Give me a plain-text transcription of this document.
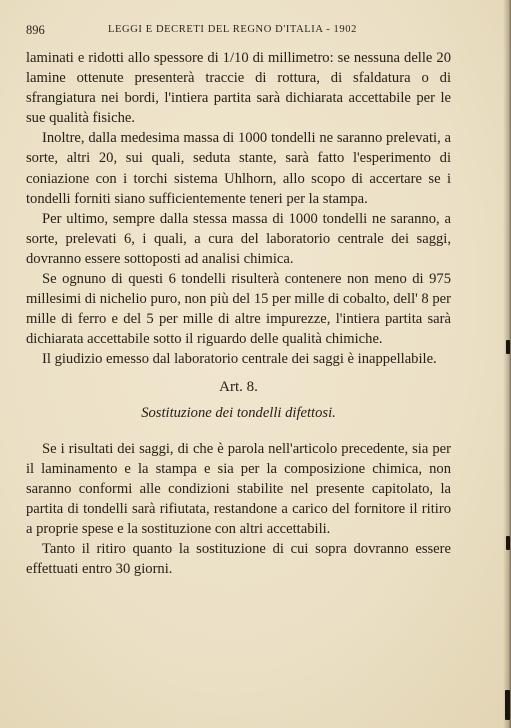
896	LEGGI E DECRETI DEL REGNO D'ITALIA - 1902

laminati e ridotti allo spessore di 1/10 di millimetro: se nessuna delle 20 lamine ottenute presenterà traccie di rottura, di sfaldatura o di sfrangiatura nei bordi, l'intiera partita sarà dichiarata accettabile per le sue qualità fisiche.

Inoltre, dalla medesima massa di 1000 tondelli ne saranno prelevati, a sorte, altri 20, sui quali, seduta stante, sarà fatto l'esperimento di coniazione con i torchi sistema Uhlhorn, allo scopo di accertare se i tondelli forniti siano sufficientemente teneri per la stampa.

Per ultimo, sempre dalla stessa massa di 1000 tondelli ne saranno, a sorte, prelevati 6, i quali, a cura del laboratorio centrale dei saggi, dovranno essere sottoposti ad analisi chimica.

Se ognuno di questi 6 tondelli risulterà contenere non meno di 975 millesimi di nichelio puro, non più del 15 per mille di cobalto, dell' 8 per mille di ferro e del 5 per mille di altre impurezze, l'intiera partita sarà dichiarata accettabile sotto il riguardo delle qualità chimiche.

Il giudizio emesso dal laboratorio centrale dei saggi è inappellabile.

Art. 8.

Sostituzione dei tondelli difettosi.

Se i risultati dei saggi, di che è parola nell'articolo precedente, sia per il laminamento e la stampa e sia per la composizione chimica, non saranno conformi alle condizioni stabilite nel presente capitolato, la partita di tondelli sarà rifiutata, restandone a carico del fornitore il ritiro a proprie spese e la sostituzione con altri accettabili.

Tanto il ritiro quanto la sostituzione di cui sopra dovranno essere effettuati entro 30 giorni.
